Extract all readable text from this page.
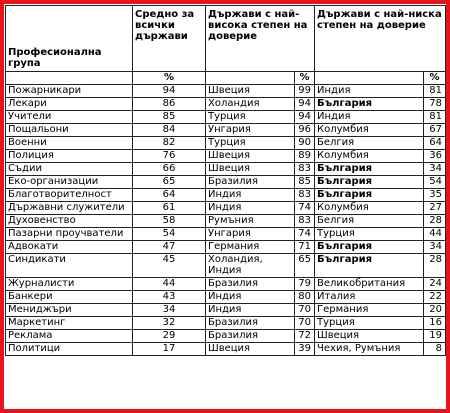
Професионална група	Средно за всички държави	Държави с най-висока степен на доверие		Държави с най-ниска степен на доверие	
	%		%		%
Пожарникари	94	Швеция	99	Индия	81
Лекари	86	Холандия	94	България	78
Учители	85	Турция	94	Индия	81
Пощальони	84	Унгария	96	Колумбия	67
Военни	82	Турция	90	Белгия	64
Полиция	76	Швеция	89	Колумбия	36
Съдии	66	Швеция	83	България	34
Еко-организации	65	Бразилия	85	България	54
Благотворителност	64	Индия	83	България	35
Държавни служители	61	Индия	74	Колумбия	27
Духовенство	58	Румъния	83	Белгия	28
Пазарни проучватели	54	Унгария	74	Турция	44
Адвокати	47	Германия	71	България	34
Синдикати	45	Холандия, Индия	65	България	28
Журналисти	44	Бразилия	79	Великобритания	24
Банкери	43	Индия	80	Италия	22
Мениджъри	34	Индия	70	Германия	20
Маркетинг	32	Бразилия	70	Турция	16
Реклама	29	Бразилия	72	Швеция	19
Политици	17	Швеция	39	Чехия, Румъния	8
